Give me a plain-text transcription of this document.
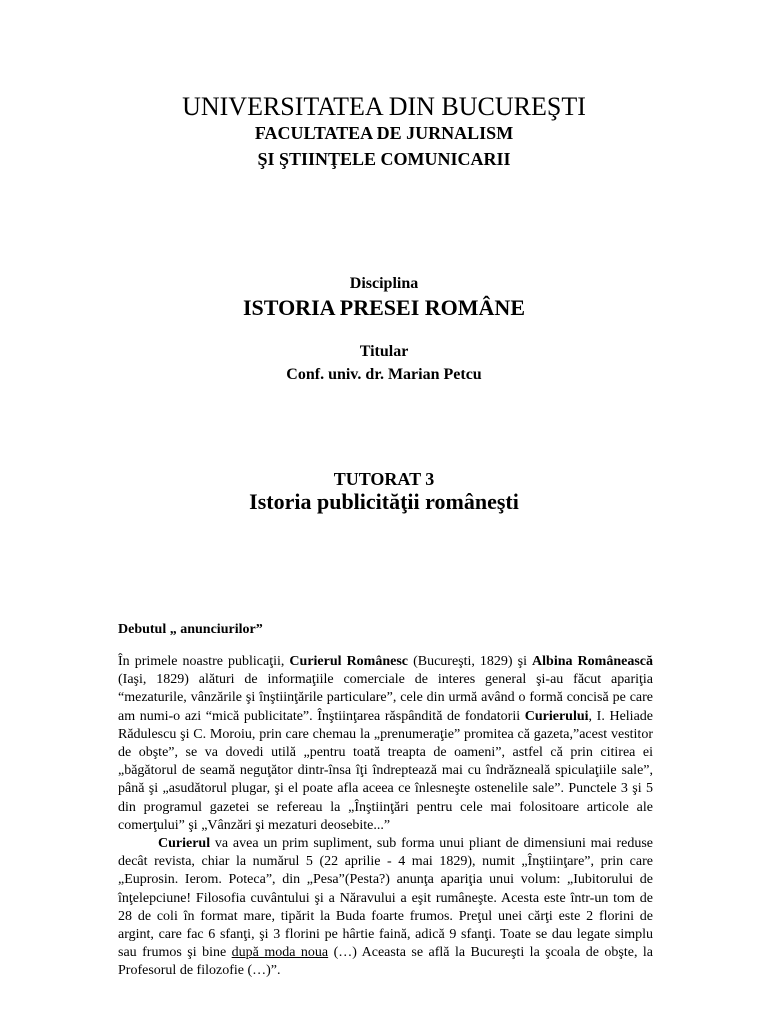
UNIVERSITATEA DIN BUCUREŞTI
FACULTATEA DE JURNALISM
ŞI ŞTIINŢELE COMUNICARII
Disciplina
ISTORIA PRESEI ROMÂNE
Titular
Conf. univ. dr. Marian Petcu
TUTORAT 3
Istoria publicităţii româneşti
Debutul „ anunciurilor”

În primele noastre publicaţii, Curierul Românesc (Bucureşti, 1829) şi Albina Românească (Iaşi, 1829) alături de informaţiile comerciale de interes general şi-au făcut apariţia “mezaturile, vânzările şi înştiinţările particulare”, cele din urmă având o formă concisă pe care am numi-o azi “mică publicitate”. Înştiinţarea răspândită de fondatorii Curierului, I. Heliade Rădulescu şi C. Moroiu, prin care chemau la „prenumeraţie” promitea că gazeta,”acest vestitor de obşte”, se va dovedi utilă „pentru toată treapta de oameni”, astfel că prin citirea ei „băgătorul de seamă neguţător dintr-însa îţi îndreptează mai cu îndrăzneală spiculaţiile sale”, până şi „asudătorul plugar, şi el poate afla aceea ce înlesneşte ostenelile sale”. Punctele 3 şi 5 din programul gazetei se refereau la „Înştiinţări pentru cele mai folositoare articole ale comerţului” şi „Vânzări şi mezaturi deosebite...”

Curierul va avea un prim supliment, sub forma unui pliant de dimensiuni mai reduse decât revista, chiar la numărul 5 (22 aprilie - 4 mai 1829), numit „Înştiinţare”, prin care „Euprosin. Ierom. Poteca”, din „Pesa”(Pesta?) anunţa apariţia unui volum: „Iubitorului de înţelepciune! Filosofia cuvântului şi a Năravului a eşit rumâneşte. Acesta este într-un tom de 28 de coli în format mare, tipărit la Buda foarte frumos. Preţul unei cărţi este 2 florini de argint, care fac 6 sfanţi, şi 3 florini pe hârtie faină, adică 9 sfanţi. Toate se dau legate simplu sau frumos şi bine după moda noua (…) Aceasta se află la Bucureşti la şcoala de obşte, la Profesorul de filozofie (…)”.
